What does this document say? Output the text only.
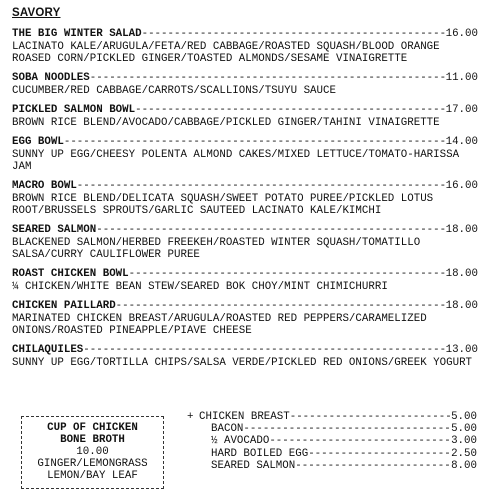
SAVORY
THE BIG WINTER SALAD -----	16.00
LACINATO KALE/ARUGULA/FETA/RED CABBAGE/ROASTED SQUASH/BLOOD ORANGE ROASED CORN/PICKLED GINGER/TOASTED ALMONDS/SESAME VINAIGRETTE
SOBA NOODLES -----	11.00
CUCUMBER/RED CABBAGE/CARROTS/SCALLIONS/TSUYU SAUCE
PICKLED SALMON BOWL -----	17.00
BROWN RICE BLEND/AVOCADO/CABBAGE/PICKLED GINGER/TAHINI VINAIGRETTE
EGG BOWL -----	14.00
SUNNY UP EGG/CHEESY POLENTA ALMOND CAKES/MIXED LETTUCE/TOMATO-HARISSA JAM
MACRO BOWL -----	16.00
BROWN RICE BLEND/DELICATA SQUASH/SWEET POTATO PUREE/PICKLED LOTUS ROOT/BRUSSELS SPROUTS/GARLIC SAUTEED LACINATO KALE/KIMCHI
SEARED SALMON -----	18.00
BLACKENED SALMON/HERBED FREEKEH/ROASTED WINTER SQUASH/TOMATILLO SALSA/CURRY CAULIFLOWER PUREE
ROAST CHICKEN BOWL -----	18.00
¼ CHICKEN/WHITE BEAN STEW/SEARED BOK CHOY/MINT CHIMICHURRI
CHICKEN PAILLARD -----	18.00
MARINATED CHICKEN BREAST/ARUGULA/ROASTED RED PEPPERS/CARAMELIZED ONIONS/ROASTED PINEAPPLE/PIAVE CHEESE
CHILAQUILES -----	13.00
SUNNY UP EGG/TORTILLA CHIPS/SALSA VERDE/PICKLED RED ONIONS/GREEK YOGURT
CUP OF CHICKEN
BONE BROTH
10.00
GINGER/LEMONGRASS
LEMON/BAY LEAF
+ CHICKEN BREAST -----	5.00
BACON -----	5.00
½ AVOCADO -----	3.00
HARD BOILED EGG -----	2.50
SEARED SALMON -----	8.00
